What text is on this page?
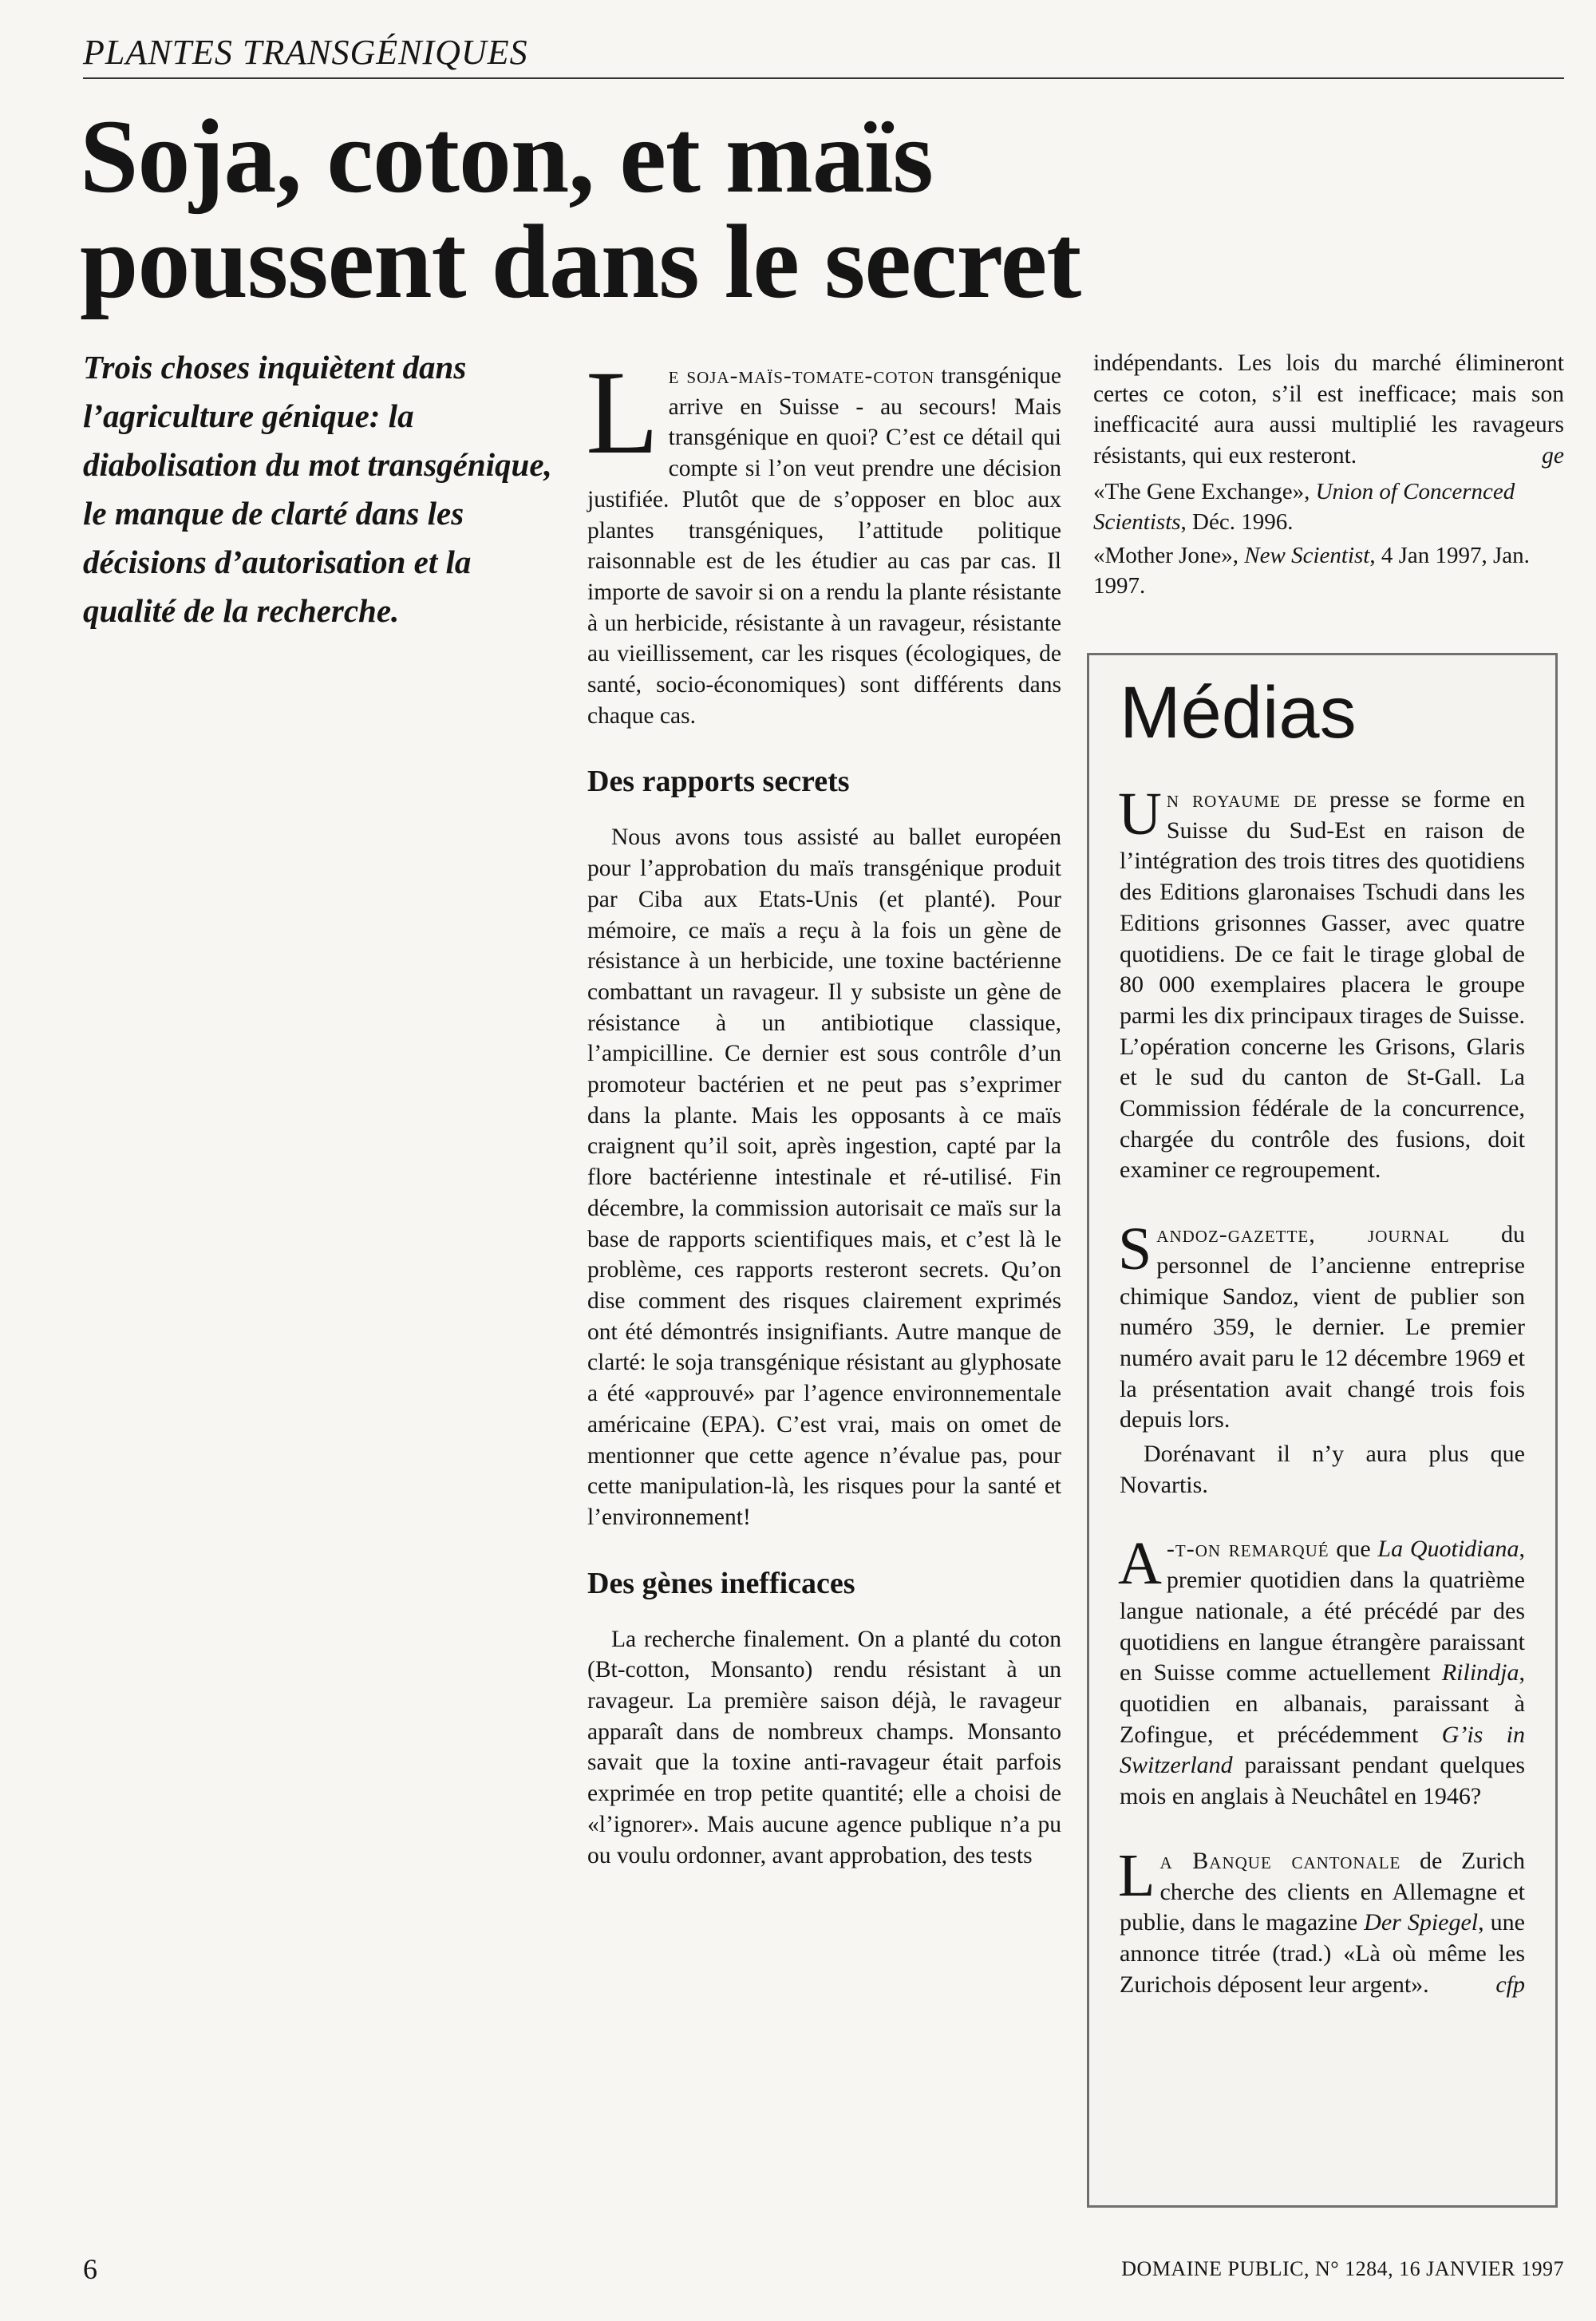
PLANTES TRANSGÉNIQUES
Soja, coton, et maïs
poussent dans le secret
Trois choses inquiètent dans l’agriculture génique: la diabolisation du mot transgénique, le manque de clarté dans les décisions d’autorisation et la qualité de la recherche.

Le soja-maïs-tomate-coton transgénique arrive en Suisse - au secours! Mais transgénique en quoi? C’est ce détail qui compte si l’on veut prendre une décision justifiée. Plutôt que de s’opposer en bloc aux plantes transgéniques, l’attitude politique raisonnable est de les étudier au cas par cas. Il importe de savoir si on a rendu la plante résistante à un herbicide, résistante à un ravageur, résistante au vieillissement, car les risques (écologiques, de santé, socio-économiques) sont différents dans chaque cas.

Des rapports secrets

Nous avons tous assisté au ballet européen pour l’approbation du maïs transgénique produit par Ciba aux Etats-Unis (et planté). Pour mémoire, ce maïs a reçu à la fois un gène de résistance à un herbicide, une toxine bactérienne combattant un ravageur. Il y subsiste un gène de résistance à un antibiotique classique, l’ampicilline. Ce dernier est sous contrôle d’un promoteur bactérien et ne peut pas s’exprimer dans la plante. Mais les opposants à ce maïs craignent qu’il soit, après ingestion, capté par la flore bactérienne intestinale et ré-utilisé. Fin décembre, la commission autorisait ce maïs sur la base de rapports scientifiques mais, et c’est là le problème, ces rapports resteront secrets. Qu’on dise comment des risques clairement exprimés ont été démontrés insignifiants. Autre manque de clarté: le soja transgénique résistant au glyphosate a été «approuvé» par l’agence environnementale américaine (EPA). C’est vrai, mais on omet de mentionner que cette agence n’évalue pas, pour cette manipulation-là, les risques pour la santé et l’environnement!

Des gènes inefficaces

La recherche finalement. On a planté du coton (Bt-cotton, Monsanto) rendu résistant à un ravageur. La première saison déjà, le ravageur apparaît dans de nombreux champs. Monsanto savait que la toxine anti-ravageur était parfois exprimée en trop petite quantité; elle a choisi de «l’ignorer». Mais aucune agence publique n’a pu ou voulu ordonner, avant approbation, des tests

indépendants. Les lois du marché élimineront certes ce coton, s’il est inefficace; mais son inefficacité aura aussi multiplié les ravageurs résistants, qui eux resteront.	ge

«The Gene Exchange», Union of Concernced Scientists, Déc. 1996.
«Mother Jone», New Scientist, 4 Jan 1997, Jan. 1997.
Médias

Un royaume de presse se forme en Suisse du Sud-Est en raison de l’intégration des trois titres des quotidiens des Editions glaronaises Tschudi dans les Editions grisonnes Gasser, avec quatre quotidiens. De ce fait le tirage global de 80 000 exemplaires placera le groupe parmi les dix principaux tirages de Suisse. L’opération concerne les Grisons, Glaris et le sud du canton de St-Gall. La Commission fédérale de la concurrence, chargée du contrôle des fusions, doit examiner ce regroupement.

Sandoz-gazette, journal du personnel de l’ancienne entreprise chimique Sandoz, vient de publier son numéro 359, le dernier. Le premier numéro avait paru le 12 décembre 1969 et la présentation avait changé trois fois depuis lors.

Dorénavant il n’y aura plus que Novartis.

A -t-on remarqué que La Quotidiana, premier quotidien dans la quatrième langue nationale, a été précédé par des quotidiens en langue étrangère paraissant en Suisse comme actuellement Rilindja, quotidien en albanais, paraissant à Zofingue, et précédemment G’is in Switzerland paraissant pendant quelques mois en anglais à Neuchâtel en 1946?

La Banque cantonale de Zurich cherche des clients en Allemagne et publie, dans le magazine Der Spiegel, une annonce titrée (trad.) «Là où même les Zurichois déposent leur argent».	cfp

6	DOMAINE PUBLIC, N° 1284, 16 JANVIER 1997
